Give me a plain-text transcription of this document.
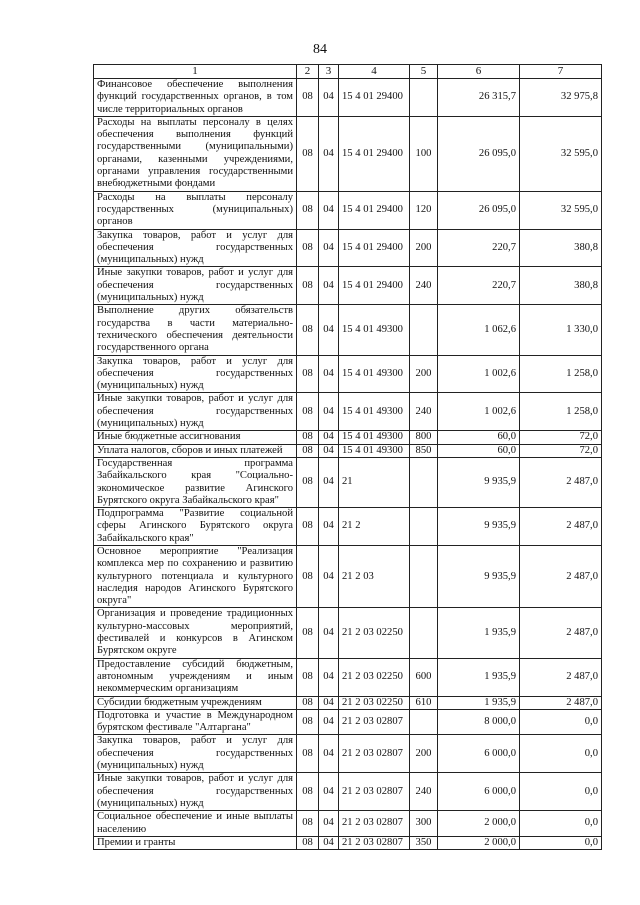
84
1	2	3	4	5	6	7
Финансовое обеспечение выполнения функций государственных органов, в том числе территориальных органов	08	04	15 4 01 29400		26 315,7	32 975,8
Расходы на выплаты персоналу в целях обеспечения выполнения функций государственными (муниципальными) органами, казенными учреждениями, органами управления государственными внебюджетными фондами	08	04	15 4 01 29400	100	26 095,0	32 595,0
Расходы на выплаты персоналу государственных (муниципальных) органов	08	04	15 4 01 29400	120	26 095,0	32 595,0
Закупка товаров, работ и услуг для обеспечения государственных (муниципальных) нужд	08	04	15 4 01 29400	200	220,7	380,8
Иные закупки товаров, работ и услуг для обеспечения государственных (муниципальных) нужд	08	04	15 4 01 29400	240	220,7	380,8
Выполнение других обязательств государства в части материально-технического обеспечения деятельности государственного органа	08	04	15 4 01 49300		1 062,6	1 330,0
Закупка товаров, работ и услуг для обеспечения государственных (муниципальных) нужд	08	04	15 4 01 49300	200	1 002,6	1 258,0
Иные закупки товаров, работ и услуг для обеспечения государственных (муниципальных) нужд	08	04	15 4 01 49300	240	1 002,6	1 258,0
Иные бюджетные ассигнования	08	04	15 4 01 49300	800	60,0	72,0
Уплата налогов, сборов и иных платежей	08	04	15 4 01 49300	850	60,0	72,0
Государственная программа Забайкальского края "Социально-экономическое развитие Агинского Бурятского округа Забайкальского края"	08	04	21		9 935,9	2 487,0
Подпрограмма "Развитие социальной сферы Агинского Бурятского округа Забайкальского края"	08	04	21 2		9 935,9	2 487,0
Основное мероприятие "Реализация комплекса мер по сохранению и развитию культурного потенциала и культурного наследия народов Агинского Бурятского округа"	08	04	21 2 03		9 935,9	2 487,0
Организация и проведение традиционных культурно-массовых мероприятий, фестивалей и конкурсов в Агинском Бурятском округе	08	04	21 2 03 02250		1 935,9	2 487,0
Предоставление субсидий бюджетным, автономным учреждениям и иным некоммерческим организациям	08	04	21 2 03 02250	600	1 935,9	2 487,0
Субсидии бюджетным учреждениям	08	04	21 2 03 02250	610	1 935,9	2 487,0
Подготовка и участие в Международном бурятском фестивале "Алтаргана"	08	04	21 2 03 02807		8 000,0	0,0
Закупка товаров, работ и услуг для обеспечения государственных (муниципальных) нужд	08	04	21 2 03 02807	200	6 000,0	0,0
Иные закупки товаров, работ и услуг для обеспечения государственных (муниципальных) нужд	08	04	21 2 03 02807	240	6 000,0	0,0
Социальное обеспечение и иные выплаты населению	08	04	21 2 03 02807	300	2 000,0	0,0
Премии и гранты	08	04	21 2 03 02807	350	2 000,0	0,0
